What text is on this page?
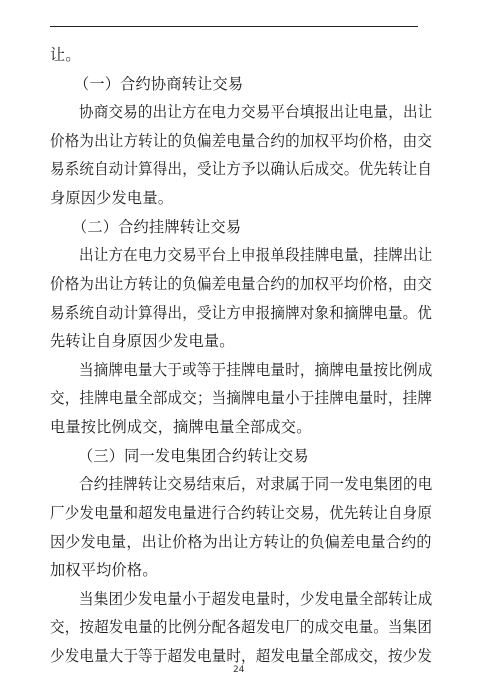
让。
（一）合约协商转让交易
协商交易的出让方在电力交易平台填报出让电量，出让
价格为出让方转让的负偏差电量合约的加权平均价格，由交
易系统自动计算得出，受让方予以确认后成交。优先转让自
身原因少发电量。
（二）合约挂牌转让交易
出让方在电力交易平台上申报单段挂牌电量，挂牌出让
价格为出让方转让的负偏差电量合约的加权平均价格，由交
易系统自动计算得出，受让方申报摘牌对象和摘牌电量。优
先转让自身原因少发电量。
当摘牌电量大于或等于挂牌电量时，摘牌电量按比例成
交，挂牌电量全部成交；当摘牌电量小于挂牌电量时，挂牌
电量按比例成交，摘牌电量全部成交。
（三）同一发电集团合约转让交易
合约挂牌转让交易结束后，对隶属于同一发电集团的电
厂少发电量和超发电量进行合约转让交易，优先转让自身原
因少发电量，出让价格为出让方转让的负偏差电量合约的
加权平均价格。
当集团少发电量小于超发电量时，少发电量全部转让成
交，按超发电量的比例分配各超发电厂的成交电量。当集团
少发电量大于等于超发电量时，超发电量全部成交，按少发
24
